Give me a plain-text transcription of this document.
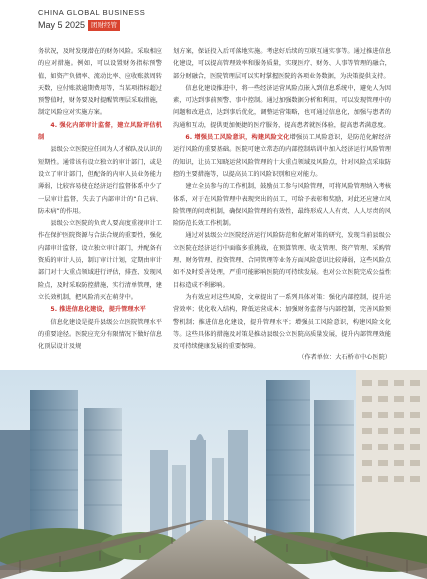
CHINA GLOBAL BUSINESS
May 5 2025 团财经管

务状况，及时发现潜在的财务风险。采取相应的应对措施。例如，可以设置财务指标预警值，如资产负债率、流动比率、应收账款周转天数，应付账款逾期费用等，当某项指标超过预警值时，财务要及时提醒管理层采取措施，制定风险应对实施方案。

4. 强化内部审计监督，建立风险评估机制

县级公立医院应任固为人才梯队及认识的短期性。通常该有设立独立的审计部门，或是设立了审计部门，但配备的内审人员业务能力薄弱，比较容易使在经济运行监督体系中少了一层审计监督，失去了内部审计的“自己病、防未病”的作用。

县级公立医院的负责人要高度重视审计工作在保护医院资源与合法合规的重要性，强化内部审计监督，设立独立审计部门，并配备有资质的审计人员，制订审计计划，定期由审计部门对十大重点领域进行评估，排查、发现风险点，及时采取防控措施，实行清单管理，建立长效机制，把风险消灭在萌芽中。

5. 推进信息化建设，提升管理水平

信息化建设是提升县级公立医院管理水平的重要途径。医院应充分有限情况下做好信息化顶层设计及规

划方案，保证投入后可落地实施。考虑好后续的互联互通实事等。通过推进信息化建设，可以提高管理效率和服务质量，实现医疗、财务、人事等管理的融合，部分财融合，医院管理层可以实时掌握医院的各项业务数据，为决策提供支持。

信息化建设推进中，将一些经济运营风险点嵌入到信息系统中，避免人为因素，可达到事前预警、事中控制。通过加强数据分析和利用，可以发现管理中的问题和改进点，达到事后优化，调整运营策略，也可通过信息化，加强与患者的沟通和互动，提供更加便捷的医疗服务，提高患者就医体验，提高患者满意度。

6. 增强员工风险意识，构建风险文化增强员工风险意识，是防范化解经济运行风险的重要基础。医院可建立常态的内部控制培训中加入经济运行风险管理的知识，让员工知晓运营风险管理的十大重点领域及风险点，针对风险点采取防控的主要措施等，以提高员工的风险识别和应对能力。

建立全员参与的工作机制，鼓励员工参与风险管理，可将风险管理纳入考核体系，对于在风险管理中表现突出的员工，可给予表彰和奖励，对此还应建立风险管理的问责机制，确保风险管理的有效性，最终形成人人有责、人人尽责的风险防范长效工作机制。

通过对县级公立医院经济运行风险防范和化解对策的研究，发现当前县级公立医院在经济运行中面临多重挑战，在预算管理、收支管理、资产管理、采购管理、财务管理、投资管理、合同管理等业务方面风险意识比较薄弱，这些风险点如不及时妥善处理，严重可能影响医院的可持续发展。也对公立医院完成公益性目标造成不利影响。

为有效应对这些风险，文章提出了一系列具体对策：强化内部控制，提升运营效率；优化收入结构，降低运营成本；加强财务监督与内部控制，完善风险预警机制；推进信息化建设，提升管理水平；增强员工风险意识，构建风险文化等。这些具体的措施及对策是推动县级公立医院高质量发展，提升内部管理效能及可持续健康发展的重要保障。

（作者单位：大石桥市中心医院）
